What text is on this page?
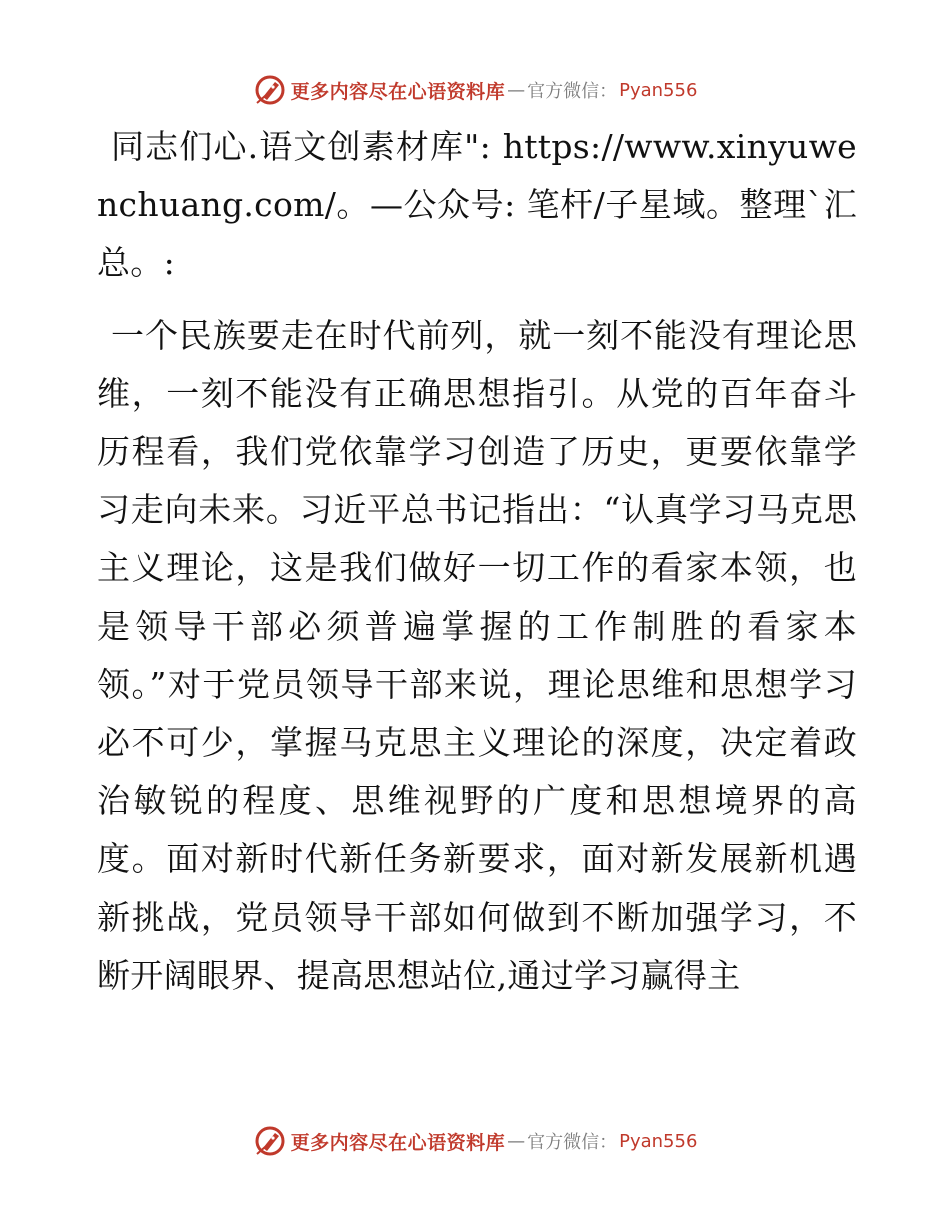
更多内容尽在心语资料库 — 官方微信： Pyan556

同志们心.语文创素材库": https://www.xinyuwenchuang.com/。—公众号: 笔杆/子星域。整理`汇总。:

一个民族要走在时代前列，就一刻不能没有理论思维，一刻不能没有正确思想指引。从党的百年奋斗历程看，我们党依靠学习创造了历史，更要依靠学习走向未来。习近平总书记指出：“认真学习马克思主义理论，这是我们做好一切工作的看家本领，也是领导干部必须普遍掌握的工作制胜的看家本领。”对于党员领导干部来说，理论思维和思想学习必不可少，掌握马克思主义理论的深度，决定着政治敏锐的程度、思维视野的广度和思想境界的高度。面对新时代新任务新要求，面对新发展新机遇新挑战，党员领导干部如何做到不断加强学习，不断开阔眼界、提高思想站位,通过学习赢得主

更多内容尽在心语资料库 — 官方微信： Pyan556
